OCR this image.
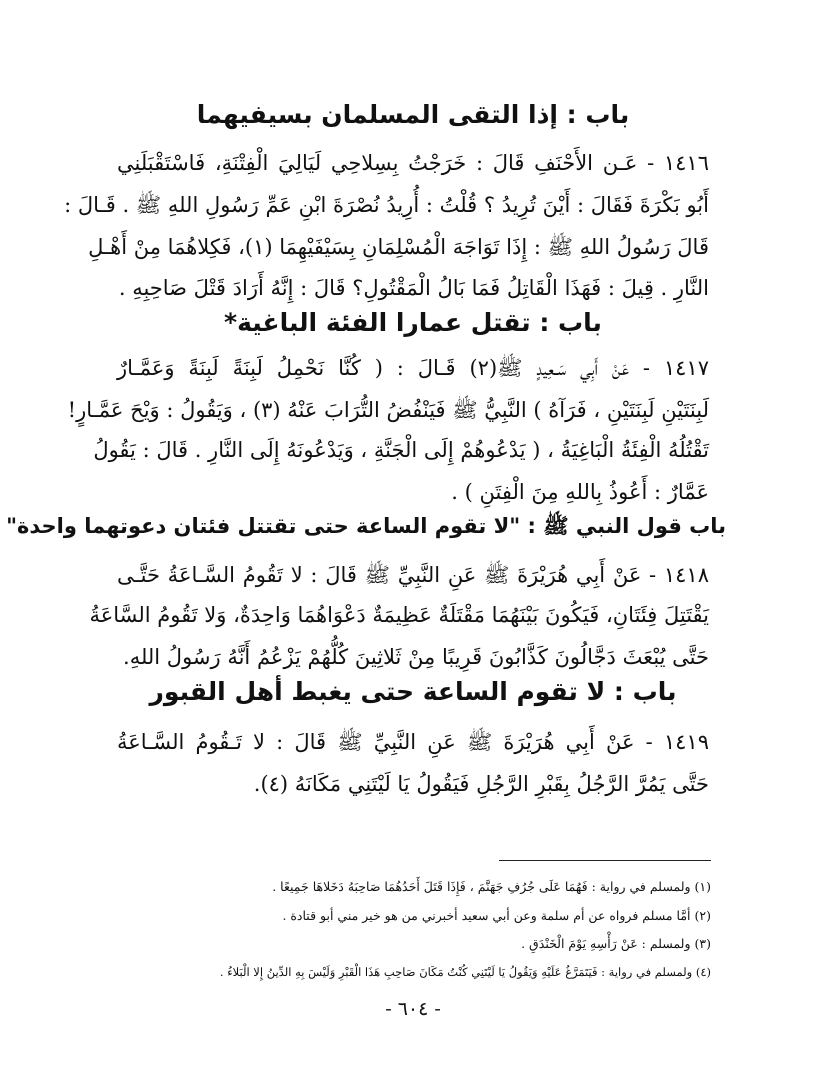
باب : إذا التقى المسلمان بسيفيهما
١٤١٦ - عَـن الأَحْنَفِ قَالَ : خَرَجْتُ بِسِلاحِي لَيَالِيَ الْفِتْنَةِ، فَاسْتَقْبَلَنِي
أَبُو بَكْرَةَ فَقَالَ : أَيْنَ تُرِيدُ ؟ قُلْتُ : أُرِيدُ نُصْرَةَ ابْنِ عَمِّ رَسُولِ اللهِ ﷺ . قَـالَ :
قَالَ رَسُولُ اللهِ ﷺ : إِذَا تَوَاجَهَ الْمُسْلِمَانِ بِسَيْفَيْهِمَا (١)، فَكِلاهُمَا مِنْ أَهْـلِ
النَّارِ . قِيلَ : فَهَذَا الْقَاتِلُ فَمَا بَالُ الْمَقْتُولِ؟ قَالَ : إِنَّهُ أَرَادَ قَتْلَ صَاحِبِهِ .
باب : تقتل عمارا الفئة الباغية*
١٤١٧ - عَنْ أَبِي سَـعِيدٍ ﷺ(٢) قَـالَ : ( كُنَّا نَحْمِلُ لَبِنَةً لَبِنَةً وَعَمَّـارٌ
لَبِنَتَيْنِ لَبِنَتَيْنِ ، فَرَآهُ ) النَّبِيُّ ﷺ فَيَنْفُضُ التُّرَابَ عَنْهُ (٣) ، وَيَقُولُ : وَيْحَ عَمَّـارٍ!
تَقْتُلُهُ الْفِئَةُ الْبَاغِيَةُ ، ( يَدْعُوهُمْ إِلَى الْجَنَّةِ ، وَيَدْعُونَهُ إِلَى النَّارِ . قَالَ : يَقُولُ
عَمَّارٌ : أَعُوذُ بِاللهِ مِنَ الْفِتَنِ ) .
باب قول النبي ﷺ : "لا تقوم الساعة حتى تقتتل فئتان دعوتهما واحدة"
١٤١٨ - عَنْ أَبِي هُرَيْرَةَ ﷺ عَنِ النَّبِيِّ ﷺ قَالَ : لا تَقُومُ السَّـاعَةُ حَتَّـى
يَقْتَتِلَ فِئَتَانِ، فَيَكُونَ بَيْنَهُمَا مَقْتَلَةٌ عَظِيمَةٌ دَعْوَاهُمَا وَاحِدَةٌ، وَلا تَقُومُ السَّاعَةُ
حَتَّى يُبْعَثَ دَجَّالُونَ كَذَّابُونَ قَرِيبًا مِنْ ثَلاثِينَ كُلُّهُمْ يَزْعُمُ أَنَّهُ رَسُولُ اللهِ.
باب : لا تقوم الساعة حتى يغبط أهل القبور
١٤١٩ - عَنْ أَبِي هُرَيْرَةَ ﷺ عَنِ النَّبِيِّ ﷺ قَالَ : لا تَـقُومُ السَّـاعَةُ
حَتَّى يَمُرَّ الرَّجُلُ بِقَبْرِ الرَّجُلِ فَيَقُولُ يَا لَيْتَنِي مَكَانَهُ (٤).
(١) ولمسلم في رواية : فَهُمَا عَلَى جُرُفِ جَهَنَّمَ ، فَإِذَا قَتَلَ أَحَدُهُمَا صَاحِبَهُ دَخَلاهَا جَمِيعًا .
(٢) أمَّا مسلم فرواه عن أم سلمة وعن أبي سعيد أخبرني من هو خير مني أبو قتادة .
(٣) ولمسلم : عَنْ رَأْسِهِ يَوْمَ الْخَنْدَقِ .
(٤) ولمسلم في رواية : فَيَتَمَرَّغُ عَلَيْهِ وَيَقُولُ يَا لَيْتَنِي كُنْتُ مَكَانَ صَاحِبِ هَذَا الْقَبْرِ وَلَيْسَ بِهِ الدِّينُ إِلا الْبَلاءُ .
- ٦٠٤ -
